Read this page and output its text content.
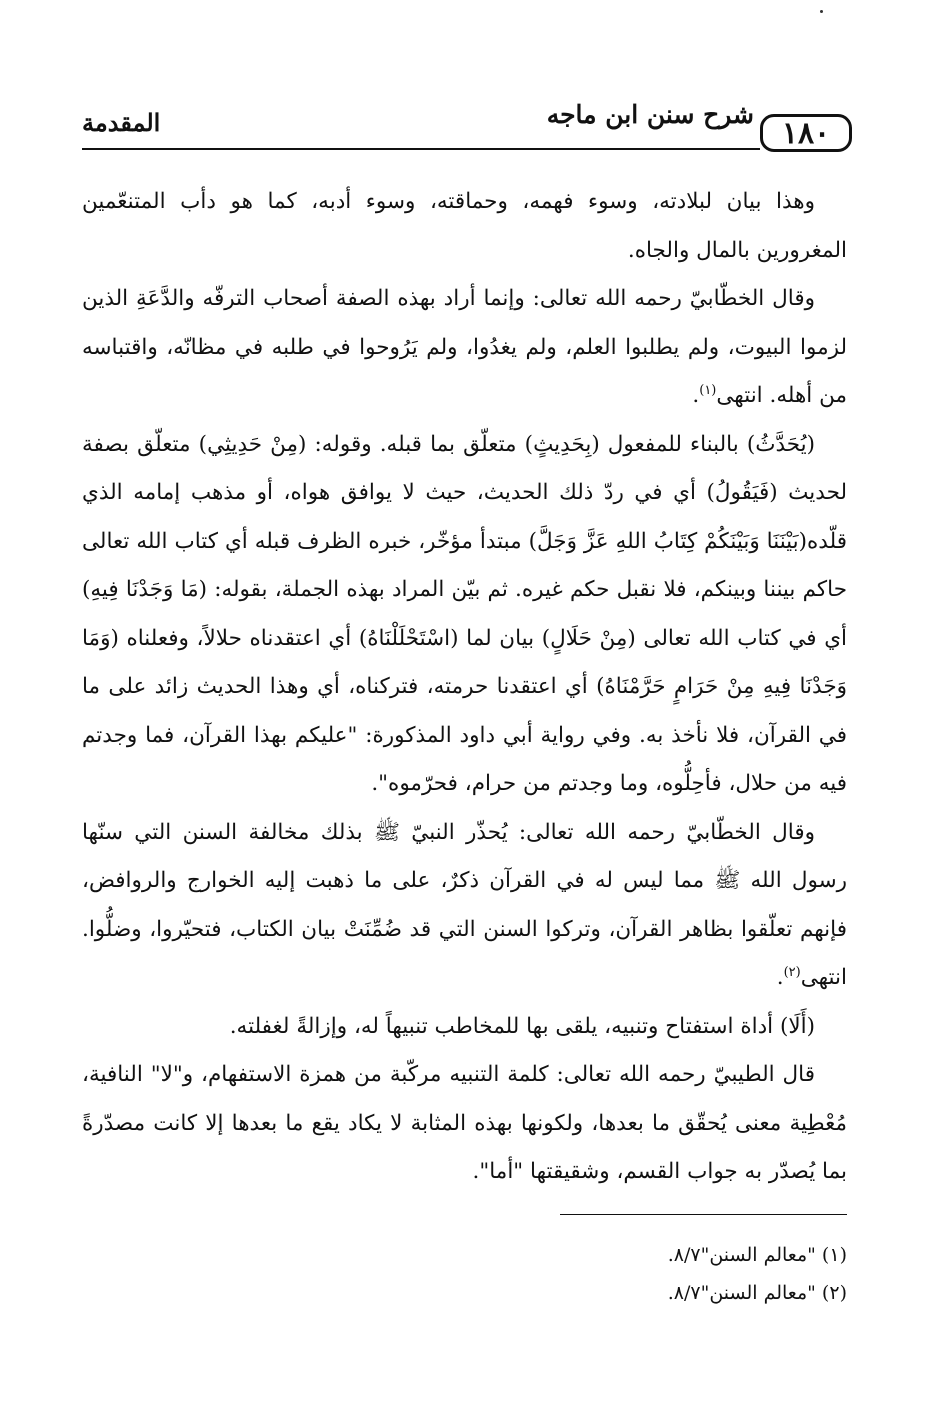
١٨٠
شرح سنن ابن ماجه
المقدمة

وهذا بيان لبلادته، وسوء فهمه، وحماقته، وسوء أدبه، كما هو دأب المتنعّمين المغرورين بالمال والجاه.

وقال الخطّابيّ رحمه الله تعالى: وإنما أراد بهذه الصفة أصحاب الترفّه والدَّعَةِ الذين لزموا البيوت، ولم يطلبوا العلم، ولم يغدُوا، ولم يَرُوحوا في طلبه في مظانّه، واقتباسه من أهله. انتهى$^{(١)}$.

(يُحَدَّثُ) بالبناء للمفعول (بِحَدِيثٍ) متعلّق بما قبله. وقوله: (مِنْ حَدِيثِي) متعلّق بصفة لحديث (فَيَقُولُ) أي في ردّ ذلك الحديث، حيث لا يوافق هواه، أو مذهب إمامه الذي قلّده(بَيْنَنَا وَبَيْنَكُمْ كِتَابُ اللهِ عَزَّ وَجَلَّ) مبتدأ مؤخّر، خبره الظرف قبله أي كتاب الله تعالى حاكم بيننا وبينكم، فلا نقبل حكم غيره. ثم بيّن المراد بهذه الجملة، بقوله: (مَا وَجَدْنَا فِيهِ) أي في كتاب الله تعالى (مِنْ حَلَالٍ) بيان لما (اسْتَحْلَلْنَاهُ) أي اعتقدناه حلالاً، وفعلناه (وَمَا وَجَدْنَا فِيهِ مِنْ حَرَامٍ حَرَّمْنَاهُ) أي اعتقدنا حرمته، فتركناه، أي وهذا الحديث زائد على ما في القرآن، فلا نأخذ به. وفي رواية أبي داود المذكورة: "عليكم بهذا القرآن، فما وجدتم فيه من حلال، فأحِلُّوه، وما وجدتم من حرام، فحرّموه".

وقال الخطّابيّ رحمه الله تعالى: يُحذّر النبيّ ﷺ بذلك مخالفة السنن التي سنّها رسول الله ﷺ مما ليس له في القرآن ذكرٌ، على ما ذهبت إليه الخوارج والروافض، فإنهم تعلّقوا بظاهر القرآن، وتركوا السنن التي قد ضُمِّنَتْ بيان الكتاب، فتحيّروا، وضلُّوا. انتهى$^{(٢)}$.

(أَلَا) أداة استفتاح وتنبيه، يلقى بها للمخاطب تنبيهاً له، وإزالةً لغفلته.

قال الطيبيّ رحمه الله تعالى: كلمة التنبيه مركّبة من همزة الاستفهام، و"لا" النافية، مُعْطِية معنى يُحقّق ما بعدها، ولكونها بهذه المثابة لا يكاد يقع ما بعدها إلا كانت مصدّرةً بما يُصدّر به جواب القسم، وشقيقتها "أما".

(١) "معالم السنن"٨/٧.
(٢) "معالم السنن"٨/٧.
